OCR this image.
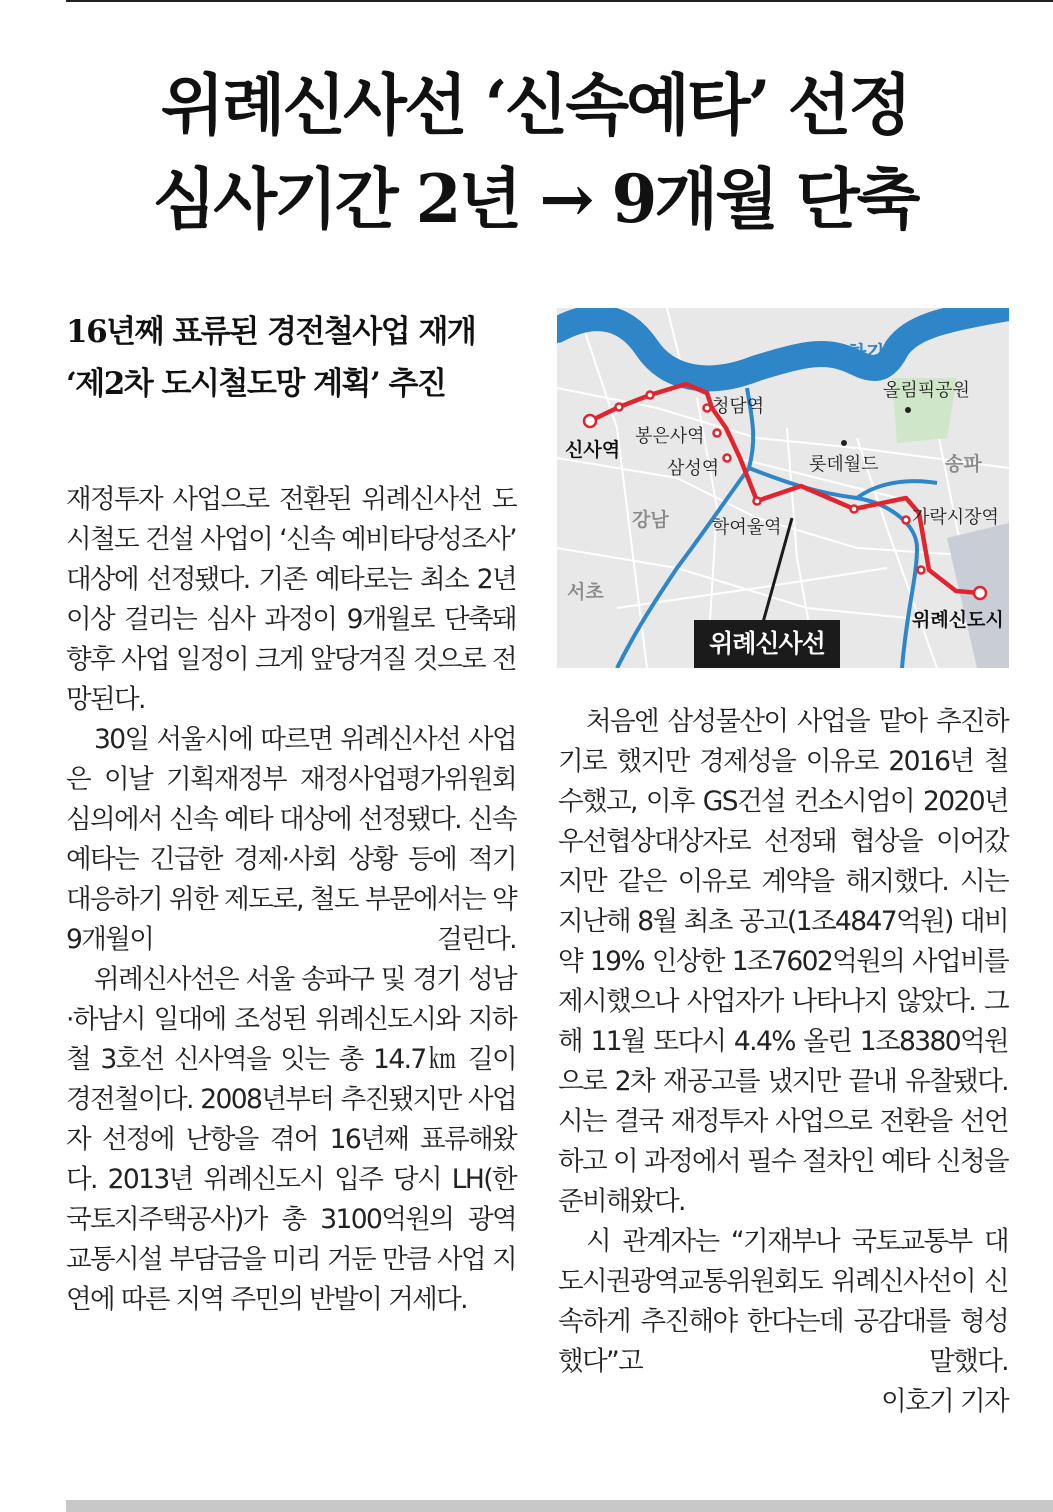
위례신사선 ‘신속예타’ 선정
심사기간 2년 → 9개월 단축
16년째 표류된 경전철사업 재개
‘제2차 도시철도망 계획’ 추진

재정투자 사업으로 전환된 위례신사선 도시철도 건설 사업이 ‘신속 예비타당성조사’ 대상에 선정됐다. 기존 예타로는 최소 2년 이상 걸리는 심사 과정이 9개월로 단축돼 향후 사업 일정이 크게 앞당겨질 것으로 전망된다.

30일 서울시에 따르면 위례신사선 사업은 이날 기획재정부 재정사업평가위원회 심의에서 신속 예타 대상에 선정됐다. 신속 예타는 긴급한 경제·사회 상황 등에 적기 대응하기 위한 제도로, 철도 부문에서는 약 9개월이 걸린다.

위례신사선은 서울 송파구 및 경기 성남·하남시 일대에 조성된 위례신도시와 지하철 3호선 신사역을 잇는 총 14.7㎞ 길이 경전철이다. 2008년부터 추진됐지만 사업자 선정에 난항을 겪어 16년째 표류해왔다. 2013년 위례신도시 입주 당시 LH(한국토지주택공사)가 총 3100억원의 광역교통시설 부담금을 미리 거둔 만큼 사업 지연에 따른 지역 주민의 반발이 거세다.

한강
올림픽공원
청담역
신사역
봉은사역
삼성역	롯데월드	송파
강남 학여울역	가락시장역
서초
위례신도시
위례신사선

처음엔 삼성물산이 사업을 맡아 추진하기로 했지만 경제성을 이유로 2016년 철수했고, 이후 GS건설 컨소시엄이 2020년 우선협상대상자로 선정돼 협상을 이어갔지만 같은 이유로 계약을 해지했다. 시는 지난해 8월 최초 공고(1조4847억원) 대비 약 19% 인상한 1조7602억원의 사업비를 제시했으나 사업자가 나타나지 않았다. 그해 11월 또다시 4.4% 올린 1조8380억원으로 2차 재공고를 냈지만 끝내 유찰됐다. 시는 결국 재정투자 사업으로 전환을 선언하고 이 과정에서 필수 절차인 예타 신청을 준비해왔다.

시 관계자는 “기재부나 국토교통부 대도시권광역교통위원회도 위례신사선이 신속하게 추진해야 한다는데 공감대를 형성했다”고 말했다.

이호기 기자
